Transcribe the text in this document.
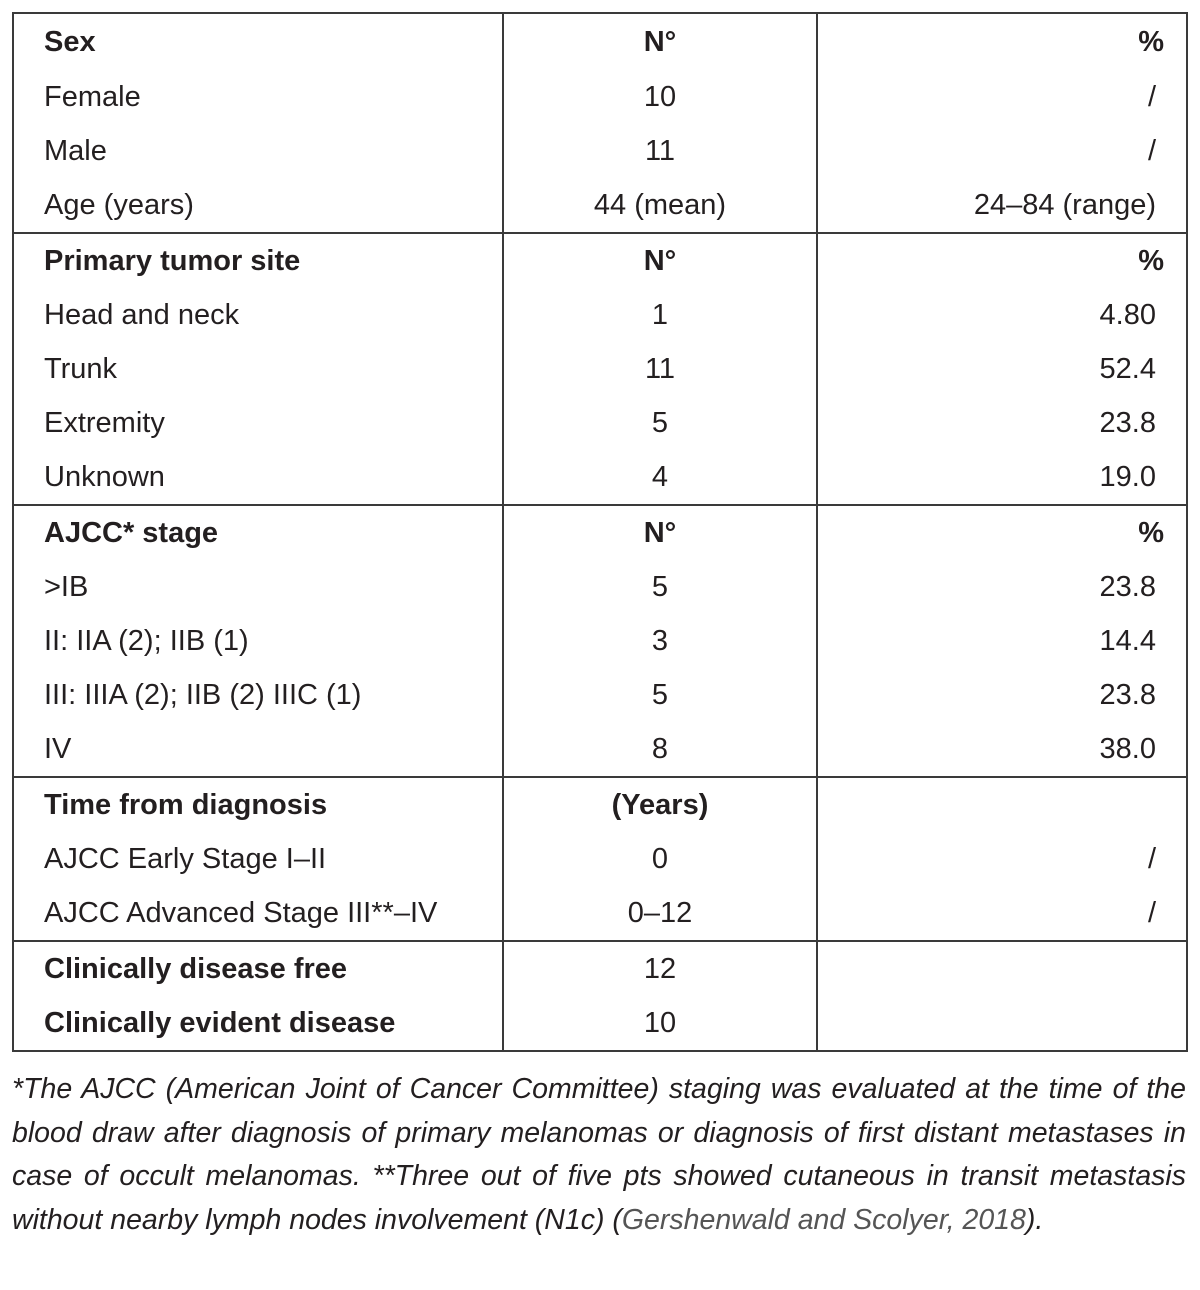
Sex	N°	%
Female	10	/
Male	11	/
Age (years)	44 (mean)	24–84 (range)
Primary tumor site	N°	%
Head and neck	1	4.80
Trunk	11	52.4
Extremity	5	23.8
Unknown	4	19.0
AJCC* stage	N°	%
>IB	5	23.8
II: IIA (2); IIB (1)	3	14.4
III: IIIA (2); IIB (2) IIIC (1)	5	23.8
IV	8	38.0
Time from diagnosis	(Years)	
AJCC Early Stage I–II	0	/
AJCC Advanced Stage III**–IV	0–12	/
Clinically disease free	12	
Clinically evident disease	10	

*The AJCC (American Joint of Cancer Committee) staging was evaluated at the time of the blood draw after diagnosis of primary melanomas or diagnosis of first distant metastases in case of occult melanomas. **Three out of five pts showed cutaneous in transit metastasis without nearby lymph nodes involvement (N1c) (Gershenwald and Scolyer, 2018).
